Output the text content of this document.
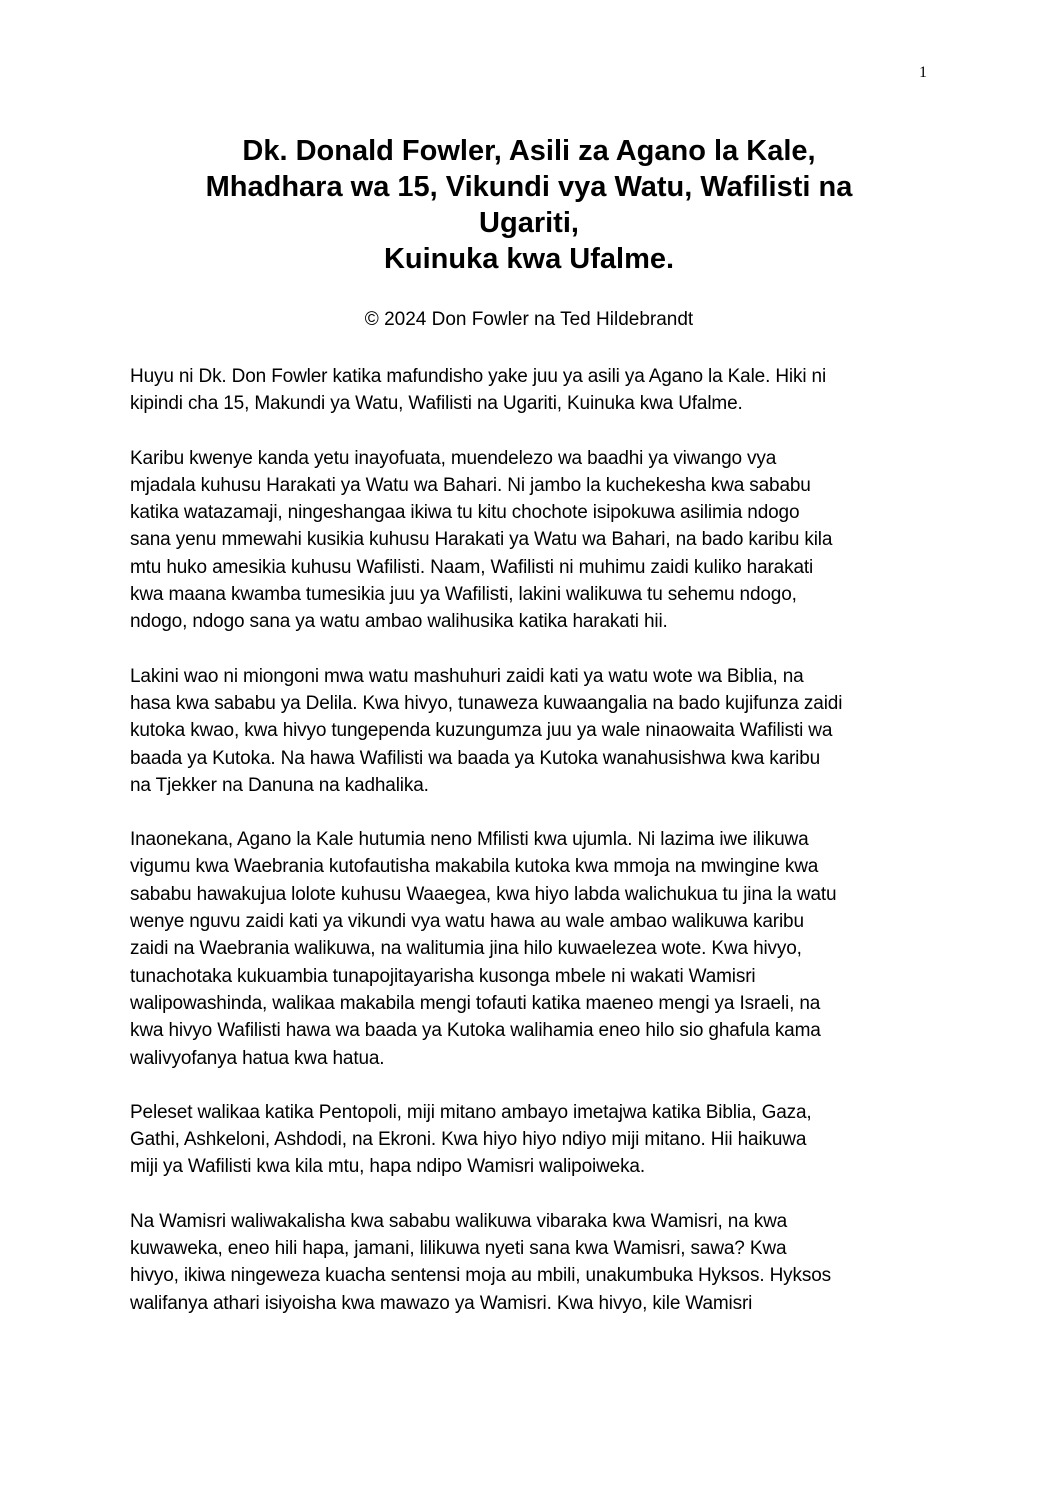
1
Dk. Donald Fowler, Asili za Agano la Kale,
Mhadhara wa 15, Vikundi vya Watu, Wafilisti na
Ugariti,
Kuinuka kwa Ufalme.
© 2024 Don Fowler na Ted Hildebrandt

Huyu ni Dk. Don Fowler katika mafundisho yake juu ya asili ya Agano la Kale. Hiki ni
kipindi cha 15, Makundi ya Watu, Wafilisti na Ugariti, Kuinuka kwa Ufalme.

Karibu kwenye kanda yetu inayofuata, muendelezo wa baadhi ya viwango vya
mjadala kuhusu Harakati ya Watu wa Bahari. Ni jambo la kuchekesha kwa sababu
katika watazamaji, ningeshangaa ikiwa tu kitu chochote isipokuwa asilimia ndogo
sana yenu mmewahi kusikia kuhusu Harakati ya Watu wa Bahari, na bado karibu kila
mtu huko amesikia kuhusu Wafilisti. Naam, Wafilisti ni muhimu zaidi kuliko harakati
kwa maana kwamba tumesikia juu ya Wafilisti, lakini walikuwa tu sehemu ndogo,
ndogo, ndogo sana ya watu ambao walihusika katika harakati hii.

Lakini wao ni miongoni mwa watu mashuhuri zaidi kati ya watu wote wa Biblia, na
hasa kwa sababu ya Delila. Kwa hivyo, tunaweza kuwaangalia na bado kujifunza zaidi
kutoka kwao, kwa hivyo tungependa kuzungumza juu ya wale ninaowaita Wafilisti wa
baada ya Kutoka. Na hawa Wafilisti wa baada ya Kutoka wanahusishwa kwa karibu
na Tjekker na Danuna na kadhalika.

Inaonekana, Agano la Kale hutumia neno Mfilisti kwa ujumla. Ni lazima iwe ilikuwa
vigumu kwa Waebrania kutofautisha makabila kutoka kwa mmoja na mwingine kwa
sababu hawakujua lolote kuhusu Waaegea, kwa hiyo labda walichukua tu jina la watu
wenye nguvu zaidi kati ya vikundi vya watu hawa au wale ambao walikuwa karibu
zaidi na Waebrania walikuwa, na walitumia jina hilo kuwaelezea wote. Kwa hivyo,
tunachotaka kukuambia tunapojitayarisha kusonga mbele ni wakati Wamisri
walipowashinda, walikaa makabila mengi tofauti katika maeneo mengi ya Israeli, na
kwa hivyo Wafilisti hawa wa baada ya Kutoka walihamia eneo hilo sio ghafula kama
walivyofanya hatua kwa hatua.

Peleset walikaa katika Pentopoli, miji mitano ambayo imetajwa katika Biblia, Gaza,
Gathi, Ashkeloni, Ashdodi, na Ekroni. Kwa hiyo hiyo ndiyo miji mitano. Hii haikuwa
miji ya Wafilisti kwa kila mtu, hapa ndipo Wamisri walipoiweka.

Na Wamisri waliwakalisha kwa sababu walikuwa vibaraka kwa Wamisri, na kwa
kuwaweka, eneo hili hapa, jamani, lilikuwa nyeti sana kwa Wamisri, sawa? Kwa
hivyo, ikiwa ningeweza kuacha sentensi moja au mbili, unakumbuka Hyksos. Hyksos
walifanya athari isiyoisha kwa mawazo ya Wamisri. Kwa hivyo, kile Wamisri
